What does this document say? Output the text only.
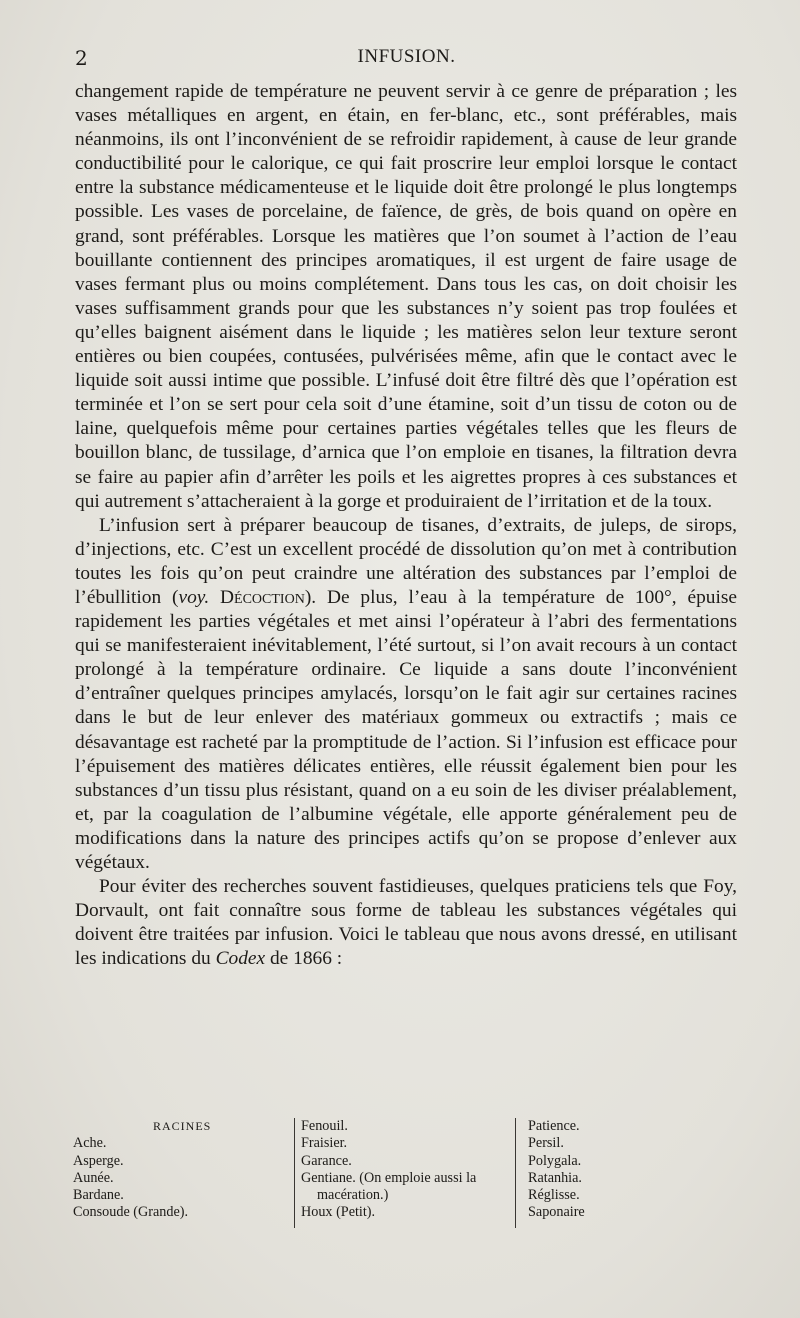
2	INFUSION.

changement rapide de température ne peuvent servir à ce genre de préparation ; les vases métalliques en argent, en étain, en fer-blanc, etc., sont préférables, mais néanmoins, ils ont l’inconvénient de se refroidir rapidement, à cause de leur grande conductibilité pour le calorique, ce qui fait proscrire leur emploi lorsque le contact entre la substance médicamenteuse et le liquide doit être prolongé le plus longtemps possible. Les vases de porcelaine, de faïence, de grès, de bois quand on opère en grand, sont préférables. Lorsque les matières que l’on soumet à l’action de l’eau bouillante contiennent des principes aromatiques, il est urgent de faire usage de vases fermant plus ou moins complétement. Dans tous les cas, on doit choisir les vases suffisamment grands pour que les substances n’y soient pas trop foulées et qu’elles baignent aisément dans le liquide ; les matières selon leur texture seront entières ou bien coupées, contusées, pulvérisées même, afin que le contact avec le liquide soit aussi intime que possible. L’infusé doit être filtré dès que l’opération est terminée et l’on se sert pour cela soit d’une étamine, soit d’un tissu de coton ou de laine, quelquefois même pour certaines parties végétales telles que les fleurs de bouillon blanc, de tussilage, d’arnica que l’on emploie en tisanes, la filtration devra se faire au papier afin d’arrêter les poils et les aigrettes propres à ces substances et qui autrement s’attacheraient à la gorge et produiraient de l’irritation et de la toux.

L’infusion sert à préparer beaucoup de tisanes, d’extraits, de juleps, de sirops, d’injections, etc. C’est un excellent procédé de dissolution qu’on met à contribution toutes les fois qu’on peut craindre une altération des substances par l’emploi de l’ébullition (voy. Décoction). De plus, l’eau à la température de 100°, épuise rapidement les parties végétales et met ainsi l’opérateur à l’abri des fermentations qui se manifesteraient inévitablement, l’été surtout, si l’on avait recours à un contact prolongé à la température ordinaire. Ce liquide a sans doute l’inconvénient d’entraîner quelques principes amylacés, lorsqu’on le fait agir sur certaines racines dans le but de leur enlever des matériaux gommeux ou extractifs ; mais ce désavantage est racheté par la promptitude de l’action. Si l’infusion est efficace pour l’épuisement des matières délicates entières, elle réussit également bien pour les substances d’un tissu plus résistant, quand on a eu soin de les diviser préalablement, et, par la coagulation de l’albumine végétale, elle apporte généralement peu de modifications dans la nature des principes actifs qu’on se propose d’enlever aux végétaux.

Pour éviter des recherches souvent fastidieuses, quelques praticiens tels que Foy, Dorvault, ont fait connaître sous forme de tableau les substances végétales qui doivent être traitées par infusion. Voici le tableau que nous avons dressé, en utilisant les indications du Codex de 1866 :

RACINES
Ache.
Asperge.
Aunée.
Bardane.
Consoude (Grande).
Fenouil.
Fraisier.
Garance.
Gentiane. (On emploie aussi la
macération.)
Houx (Petit).
Patience.
Persil.
Polygala.
Ratanhia.
Réglisse.
Saponaire
